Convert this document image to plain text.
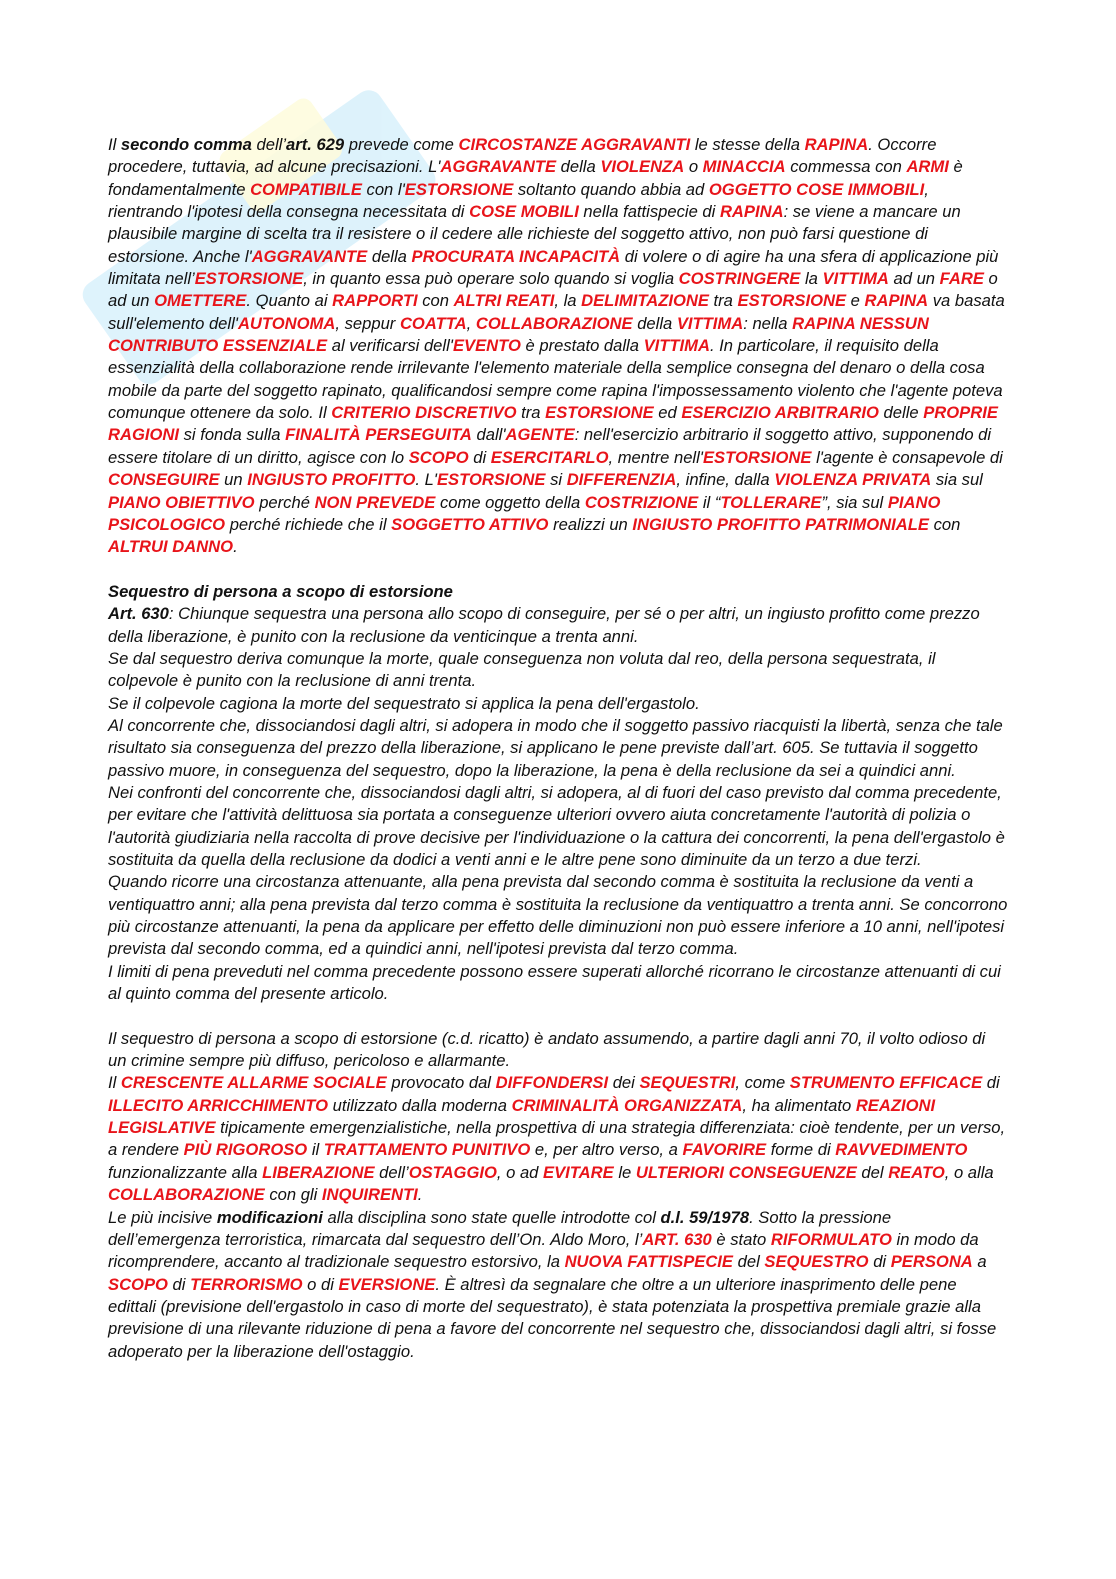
Il secondo comma dell’art. 629 prevede come CIRCOSTANZE AGGRAVANTI le stesse della RAPINA. Occorre procedere, tuttavia, ad alcune precisazioni. L'AGGRAVANTE della VIOLENZA o MINACCIA commessa con ARMI è fondamentalmente COMPATIBILE con l'ESTORSIONE soltanto quando abbia ad OGGETTO COSE IMMOBILI, rientrando l'ipotesi della consegna necessitata di COSE MOBILI nella fattispecie di RAPINA: se viene a mancare un plausibile margine di scelta tra il resistere o il cedere alle richieste del soggetto attivo, non può farsi questione di estorsione. Anche l'AGGRAVANTE della PROCURATA INCAPACITÀ di volere o di agire ha una sfera di applicazione più limitata nell’ESTORSIONE, in quanto essa può operare solo quando si voglia COSTRINGERE la VITTIMA ad un FARE o ad un OMETTERE. Quanto ai RAPPORTI con ALTRI REATI, la DELIMITAZIONE tra ESTORSIONE e RAPINA va basata sull'elemento dell'AUTONOMA, seppur COATTA, COLLABORAZIONE della VITTIMA: nella RAPINA NESSUN CONTRIBUTO ESSENZIALE al verificarsi dell'EVENTO è prestato dalla VITTIMA. In particolare, il requisito della essenzialità della collaborazione rende irrilevante l'elemento materiale della semplice consegna del denaro o della cosa mobile da parte del soggetto rapinato, qualificandosi sempre come rapina l'impossessamento violento che l'agente poteva comunque ottenere da solo. Il CRITERIO DISCRETIVO tra ESTORSIONE ed ESERCIZIO ARBITRARIO delle PROPRIE RAGIONI si fonda sulla FINALITÀ PERSEGUITA dall'AGENTE: nell'esercizio arbitrario il soggetto attivo, supponendo di essere titolare di un diritto, agisce con lo SCOPO di ESERCITARLO, mentre nell'ESTORSIONE l'agente è consapevole di CONSEGUIRE un INGIUSTO PROFITTO. L'ESTORSIONE si DIFFERENZIA, infine, dalla VIOLENZA PRIVATA sia sul PIANO OBIETTIVO perché NON PREVEDE come oggetto della COSTRIZIONE il “TOLLERARE”, sia sul PIANO PSICOLOGICO perché richiede che il SOGGETTO ATTIVO realizzi un INGIUSTO PROFITTO PATRIMONIALE con ALTRUI DANNO.

Sequestro di persona a scopo di estorsione

Art. 630: Chiunque sequestra una persona allo scopo di conseguire, per sé o per altri, un ingiusto profitto come prezzo della liberazione, è punito con la reclusione da venticinque a trenta anni.

Se dal sequestro deriva comunque la morte, quale conseguenza non voluta dal reo, della persona sequestrata, il colpevole è punito con la reclusione di anni trenta.

Se il colpevole cagiona la morte del sequestrato si applica la pena dell'ergastolo.

Al concorrente che, dissociandosi dagli altri, si adopera in modo che il soggetto passivo riacquisti la libertà, senza che tale risultato sia conseguenza del prezzo della liberazione, si applicano le pene previste dall’art. 605. Se tuttavia il soggetto passivo muore, in conseguenza del sequestro, dopo la liberazione, la pena è della reclusione da sei a quindici anni.

Nei confronti del concorrente che, dissociandosi dagli altri, si adopera, al di fuori del caso previsto dal comma precedente, per evitare che l'attività delittuosa sia portata a conseguenze ulteriori ovvero aiuta concretamente l'autorità di polizia o l'autorità giudiziaria nella raccolta di prove decisive per l'individuazione o la cattura dei concorrenti, la pena dell'ergastolo è sostituita da quella della reclusione da dodici a venti anni e le altre pene sono diminuite da un terzo a due terzi.

Quando ricorre una circostanza attenuante, alla pena prevista dal secondo comma è sostituita la reclusione da venti a ventiquattro anni; alla pena prevista dal terzo comma è sostituita la reclusione da ventiquattro a trenta anni. Se concorrono più circostanze attenuanti, la pena da applicare per effetto delle diminuzioni non può essere inferiore a 10 anni, nell'ipotesi prevista dal secondo comma, ed a quindici anni, nell'ipotesi prevista dal terzo comma.

I limiti di pena preveduti nel comma precedente possono essere superati allorché ricorrano le circostanze attenuanti di cui al quinto comma del presente articolo.

Il sequestro di persona a scopo di estorsione (c.d. ricatto) è andato assumendo, a partire dagli anni 70, il volto odioso di un crimine sempre più diffuso, pericoloso e allarmante.

Il CRESCENTE ALLARME SOCIALE provocato dal DIFFONDERSI dei SEQUESTRI, come STRUMENTO EFFICACE di ILLECITO ARRICCHIMENTO utilizzato dalla moderna CRIMINALITÀ ORGANIZZATA, ha alimentato REAZIONI LEGISLATIVE tipicamente emergenzialistiche, nella prospettiva di una strategia differenziata: cioè tendente, per un verso, a rendere PIÙ RIGOROSO il TRATTAMENTO PUNITIVO e, per altro verso, a FAVORIRE forme di RAVVEDIMENTO funzionalizzante alla LIBERAZIONE dell’OSTAGGIO, o ad EVITARE le ULTERIORI CONSEGUENZE del REATO, o alla COLLABORAZIONE con gli INQUIRENTI.

Le più incisive modificazioni alla disciplina sono state quelle introdotte col d.l. 59/1978. Sotto la pressione dell’emergenza terroristica, rimarcata dal sequestro dell’On. Aldo Moro, l’ART. 630 è stato RIFORMULATO in modo da ricomprendere, accanto al tradizionale sequestro estorsivo, la NUOVA FATTISPECIE del SEQUESTRO di PERSONA a SCOPO di TERRORISMO o di EVERSIONE. È altresì da segnalare che oltre a un ulteriore inasprimento delle pene edittali (previsione dell'ergastolo in caso di morte del sequestrato), è stata potenziata la prospettiva premiale grazie alla previsione di una rilevante riduzione di pena a favore del concorrente nel sequestro che, dissociandosi dagli altri, si fosse adoperato per la liberazione dell'ostaggio.
